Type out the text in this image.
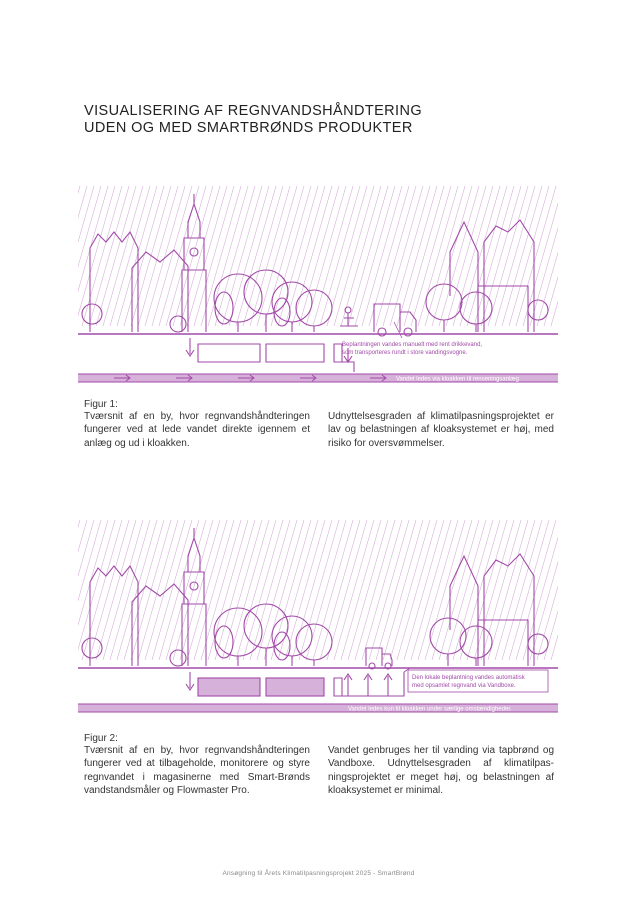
VISUALISERING AF REGNVANDSHÅNDTERING
UDEN OG MED SMARTBRØNDS PRODUKTER
Beplantningen vandes manuelt med rent drikkevand,
som transporteres rundt i store vandingsvogne.
Vandet ledes via kloakken til renseningsanlæg
Figur 1:
Tværsnit af en by, hvor regnvandshåndteringen fungerer ved at lede vandet direkte igennem et anlæg og ud i kloakken.
Udnyttelsesgraden af klimatilpasningsprojektet er lav og belastningen af kloaksystemet er høj, med risiko for oversvømmelser.
Den lokale beplantning vandes automatisk
med opsamlet regnvand via Vandboxe.
Vandet ledes kun til kloakken under særlige omstændigheder.
Figur 2:
Tværsnit af en by, hvor regnvandshåndteringen fungerer ved at tilbageholde, monitorere og styre regnvandet i magasinerne med Smart-Brønds vandstandsmåler og Flowmaster Pro.
Vandet genbruges her til vanding via tapbrønd og Vandboxe. Udnyttelsesgraden af klimatilpas-ningsprojektet er meget høj, og belastningen af kloaksystemet er minimal.
Ansøgning til Årets Klimatilpasningsprojekt 2025 - SmartBrønd
